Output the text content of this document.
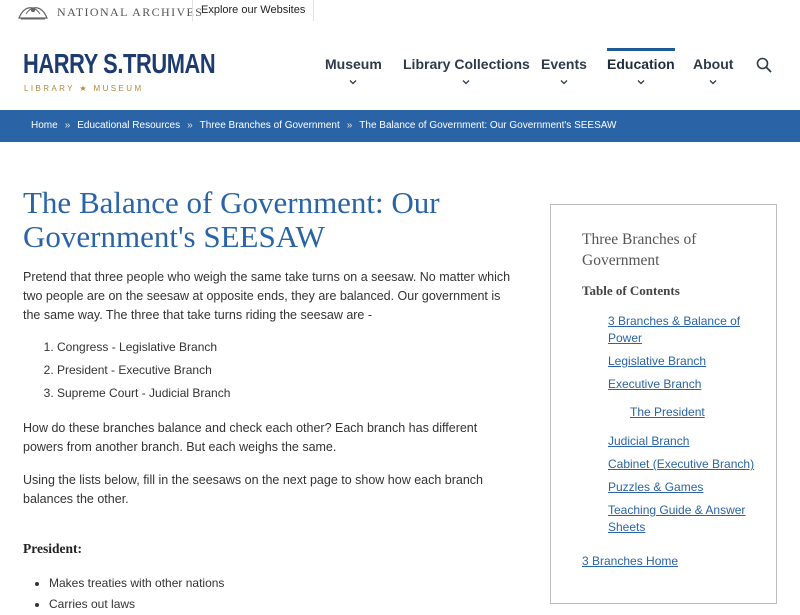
NATIONAL ARCHIVES
Explore our Websites
HARRY S.TRUMAN
LIBRARY ★ MUSEUM
Museum Library Collections Events Education About
Home » Educational Resources » Three Branches of Government » The Balance of Government: Our Government's SEESAW
The Balance of Government: Our Government's SEESAW

Pretend that three people who weigh the same take turns on a seesaw. No matter which two people are on the seesaw at opposite ends, they are balanced. Our government is the same way. The three that take turns riding the seesaw are -

1. Congress - Legislative Branch
2. President - Executive Branch
3. Supreme Court - Judicial Branch

How do these branches balance and check each other? Each branch has different powers from another branch. But each weighs the same.

Using the lists below, fill in the seesaws on the next page to show how each branch balances the other.

President:
• Makes treaties with other nations
• Carries out laws
Three Branches of Government
Table of Contents
3 Branches & Balance of Power
Legislative Branch
Executive Branch
The President
Judicial Branch
Cabinet (Executive Branch)
Puzzles & Games
Teaching Guide & Answer Sheets
3 Branches Home
